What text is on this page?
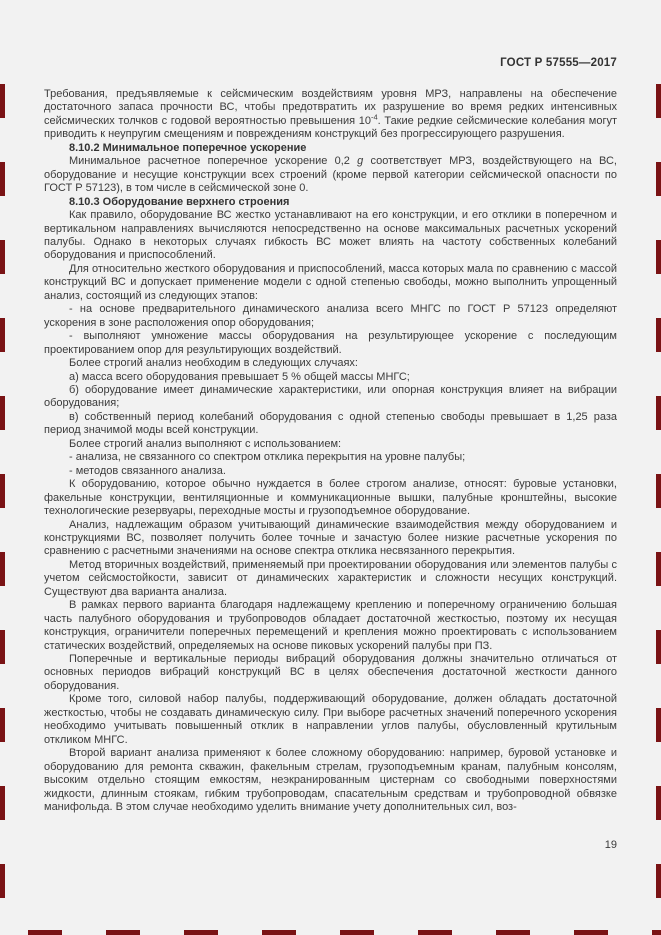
ГОСТ Р 57555—2017

Требования, предъявляемые к сейсмическим воздействиям уровня МРЗ, направлены на обеспечение достаточного запаса прочности ВС, чтобы предотвратить их разрушение во время редких интенсивных сейсмических толчков с годовой вероятностью превышения $10^{-4}$. Такие редкие сейсмические колебания могут приводить к неупругим смещениям и повреждениям конструкций без прогрессирующего разрушения.

8.10.2 Минимальное поперечное ускорение

Минимальное расчетное поперечное ускорение 0,2 g соответствует МРЗ, воздействующего на ВС, оборудование и несущие конструкции всех строений (кроме первой категории сейсмической опасности по ГОСТ Р 57123), в том числе в сейсмической зоне 0.

8.10.3 Оборудование верхнего строения

Как правило, оборудование ВС жестко устанавливают на его конструкции, и его отклики в поперечном и вертикальном направлениях вычисляются непосредственно на основе максимальных расчетных ускорений палубы. Однако в некоторых случаях гибкость ВС может влиять на частоту собственных колебаний оборудования и приспособлений.

Для относительно жесткого оборудования и приспособлений, масса которых мала по сравнению с массой конструкций ВС и допускает применение модели с одной степенью свободы, можно выполнить упрощенный анализ, состоящий из следующих этапов:

- на основе предварительного динамического анализа всего МНГС по ГОСТ Р 57123 определяют ускорения в зоне расположения опор оборудования;

- выполняют умножение массы оборудования на результирующее ускорение с последующим проектированием опор для результирующих воздействий.

Более строгий анализ необходим в следующих случаях:

а) масса всего оборудования превышает 5 % общей массы МНГС;

б) оборудование имеет динамические характеристики, или опорная конструкция влияет на вибрации оборудования;

в) собственный период колебаний оборудования с одной степенью свободы превышает в 1,25 раза период значимой моды всей конструкции.

Более строгий анализ выполняют с использованием:

- анализа, не связанного со спектром отклика перекрытия на уровне палубы;

- методов связанного анализа.

К оборудованию, которое обычно нуждается в более строгом анализе, относят: буровые установки, факельные конструкции, вентиляционные и коммуникационные вышки, палубные кронштейны, высокие технологические резервуары, переходные мосты и грузоподъемное оборудование.

Анализ, надлежащим образом учитывающий динамические взаимодействия между оборудованием и конструкциями ВС, позволяет получить более точные и зачастую более низкие расчетные ускорения по сравнению с расчетными значениями на основе спектра отклика несвязанного перекрытия.

Метод вторичных воздействий, применяемый при проектировании оборудования или элементов палубы с учетом сейсмостойкости, зависит от динамических характеристик и сложности несущих конструкций. Существуют два варианта анализа.

В рамках первого варианта благодаря надлежащему креплению и поперечному ограничению большая часть палубного оборудования и трубопроводов обладает достаточной жесткостью, поэтому их несущая конструкция, ограничители поперечных перемещений и крепления можно проектировать с использованием статических воздействий, определяемых на основе пиковых ускорений палубы при ПЗ.

Поперечные и вертикальные периоды вибраций оборудования должны значительно отличаться от основных периодов вибраций конструкций ВС в целях обеспечения достаточной жесткости данного оборудования.

Кроме того, силовой набор палубы, поддерживающий оборудование, должен обладать достаточной жесткостью, чтобы не создавать динамическую силу. При выборе расчетных значений поперечного ускорения необходимо учитывать повышенный отклик в направлении углов палубы, обусловленный крутильным откликом МНГС.

Второй вариант анализа применяют к более сложному оборудованию: например, буровой установке и оборудованию для ремонта скважин, факельным стрелам, грузоподъемным кранам, палубным консолям, высоким отдельно стоящим емкостям, неэкранированным цистернам со свободными поверхностями жидкости, длинным стоякам, гибким трубопроводам, спасательным средствам и трубопроводной обвязке манифольда. В этом случае необходимо уделить внимание учету дополнительных сил, воз-

19
